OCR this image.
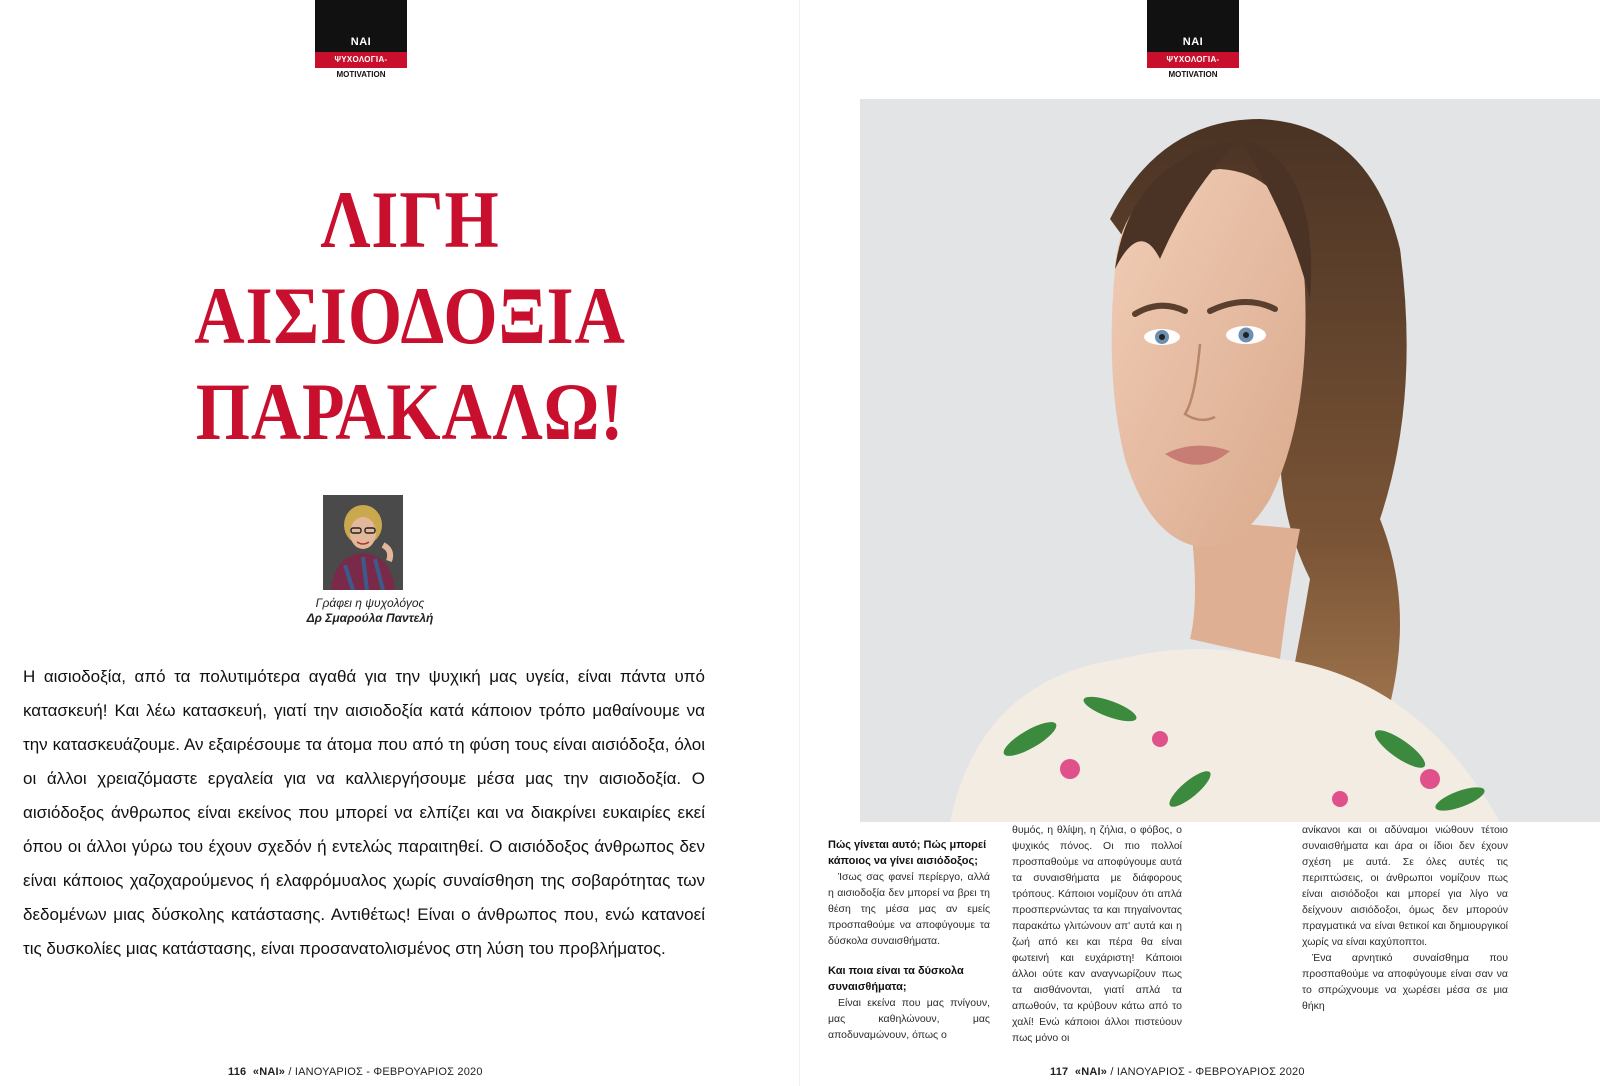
ΝΑΙ
ΨΥΧΟΛΟΓΙΑ-
MOTIVATION
ΛΙΓΗ
ΑΙΣΙΟΔΟΞΙΑ
ΠΑΡΑΚΑΛΩ!
Γράφει η ψυχολόγος
Δρ Σμαρούλα Παντελή

Η αισιοδοξία, από τα πολυτιμότερα αγαθά για την ψυχική μας υγεία, είναι πάντα υπό κατασκευή! Και λέω κατασκευή, γιατί την αισιοδοξία κατά κάποιον τρόπο μαθαίνουμε να την κατασκευάζουμε. Αν εξαιρέσουμε τα άτομα που από τη φύση τους είναι αισιόδοξα, όλοι οι άλλοι χρειαζόμαστε εργαλεία για να καλλιεργήσουμε μέσα μας την αισιοδοξία. Ο αισιόδοξος άνθρωπος είναι εκείνος που μπορεί να ελπίζει και να διακρίνει ευκαιρίες εκεί όπου οι άλλοι γύρω του έχουν σχεδόν ή εντελώς παραιτηθεί. Ο αισιόδοξος άνθρωπος δεν είναι κάποιος χαζοχαρούμενος ή ελαφρόμυαλος χωρίς συναίσθηση της σοβαρότητας των δεδομένων μιας δύσκολης κατάστασης. Αντιθέτως! Είναι ο άνθρωπος που, ενώ κατανοεί τις δυσκολίες μιας κατάστασης, είναι προσανατολισμένος στη λύση του προβλήματος.

116 «ΝΑΙ» / ΙΑΝΟΥΑΡΙΟΣ - ΦΕΒΡΟΥΑΡΙΟΣ 2020
ΝΑΙ
ΨΥΧΟΛΟΓΙΑ-
MOTIVATION
Πώς γίνεται αυτό; Πώς μπορεί κάποιος να γίνει αισιόδοξος;

Ίσως σας φανεί περίεργο, αλλά η αισιοδοξία δεν μπορεί να βρει τη θέση της μέσα μας αν εμείς προσπαθούμε να αποφύγουμε τα δύσκολα συναισθήματα.

Και ποια είναι τα δύσκολα συναισθήματα;

Είναι εκείνα που μας πνίγουν, μας καθηλώνουν, μας αποδυναμώνουν, όπως ο

θυμός, η θλίψη, η ζήλια, ο φόβος, ο ψυχικός πόνος. Οι πιο πολλοί προσπαθούμε να αποφύγουμε αυτά τα συναισθήματα με διάφορους τρόπους. Κάποιοι νομίζουν ότι απλά προσπερνώντας τα και πηγαίνοντας παρακάτω γλιτώνουν απ' αυτά και η ζωή από κει και πέρα θα είναι φωτεινή και ευχάριστη! Κάποιοι άλλοι ούτε καν αναγνωρίζουν πως τα αισθάνονται, γιατί απλά τα απωθούν, τα κρύβουν κάτω από το χαλί! Ενώ κάποιοι άλλοι πιστεύουν πως μόνο οι

ανίκανοι και οι αδύναμοι νιώθουν τέτοιο συναισθήματα και άρα οι ίδιοι δεν έχουν σχέση με αυτά. Σε όλες αυτές τις περιπτώσεις, οι άνθρωποι νομίζουν πως είναι αισιόδοξοι και μπορεί για λίγο να δείχνουν αισιόδοξοι, όμως δεν μπορούν πραγματικά να είναι θετικοί και δημιουργικοί χωρίς να είναι καχύποπτοι.

Ένα αρνητικό συναίσθημα που προσπαθούμε να αποφύγουμε είναι σαν να το σπρώχνουμε να χωρέσει μέσα σε μια θήκη

117 «ΝΑΙ» / ΙΑΝΟΥΑΡΙΟΣ - ΦΕΒΡΟΥΑΡΙΟΣ 2020
